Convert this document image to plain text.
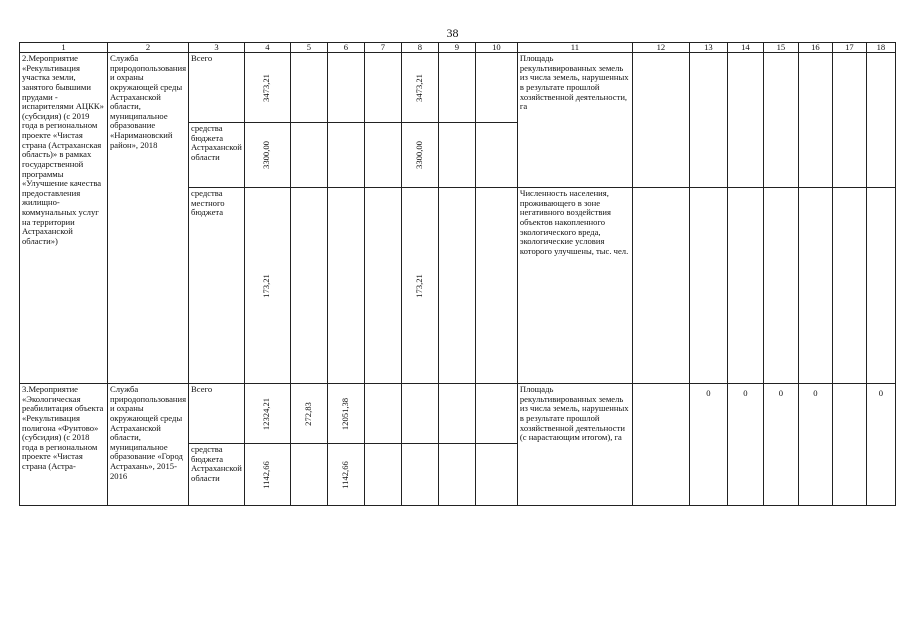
38
1	2	3	4	5	6	7	8	9	10	11	12	13	14	15	16	17	18
2.Мероприятие «Рекультивация участка земли, занятого бывшими прудами - испарителями АЦКК» (субсидия) (с 2019 года в региональном проекте «Чистая страна (Астраханская область)» в рамках государственной программы «Улучшение качества предоставления жилищно-коммунальных услуг на территории Астраханской области»)	Служба природопользования и охраны окружающей среды Астраханской области, муниципальное образование «Наримановский район», 2018	Всего	3473,21				3473,21			Площадь рекультивированных земель из числа земель, нарушенных в результате прошлой хозяйственной деятельности, га							
		средства бюджета Астраханской области	3300,00				3300,00										

		средства местного бюджета	173,21				173,21			Численность населения, проживающего в зоне негативного воздействия объектов накопленного экологического вреда, экологические условия которого улучшены, тыс. чел.							
3.Мероприятие «Экологическая реабилитация объекта «Рекультивация полигона «Фунтово» (субсидия) (с 2018 года в региональном проекте «Чистая страна (Астра-	Служба природопользования и охраны окружающей среды Астраханской области, муниципальное образование «Город Астрахань», 2015-2016	Всего	12324,21	272,83	12051,38					Площадь рекультивированных земель из числа земель, нарушенных в результате прошлой хозяйственной деятельности (с нарастающим итогом), га		0	0	0	0		0
		средства бюджета Астраханской области	1142,66		1142,66												
